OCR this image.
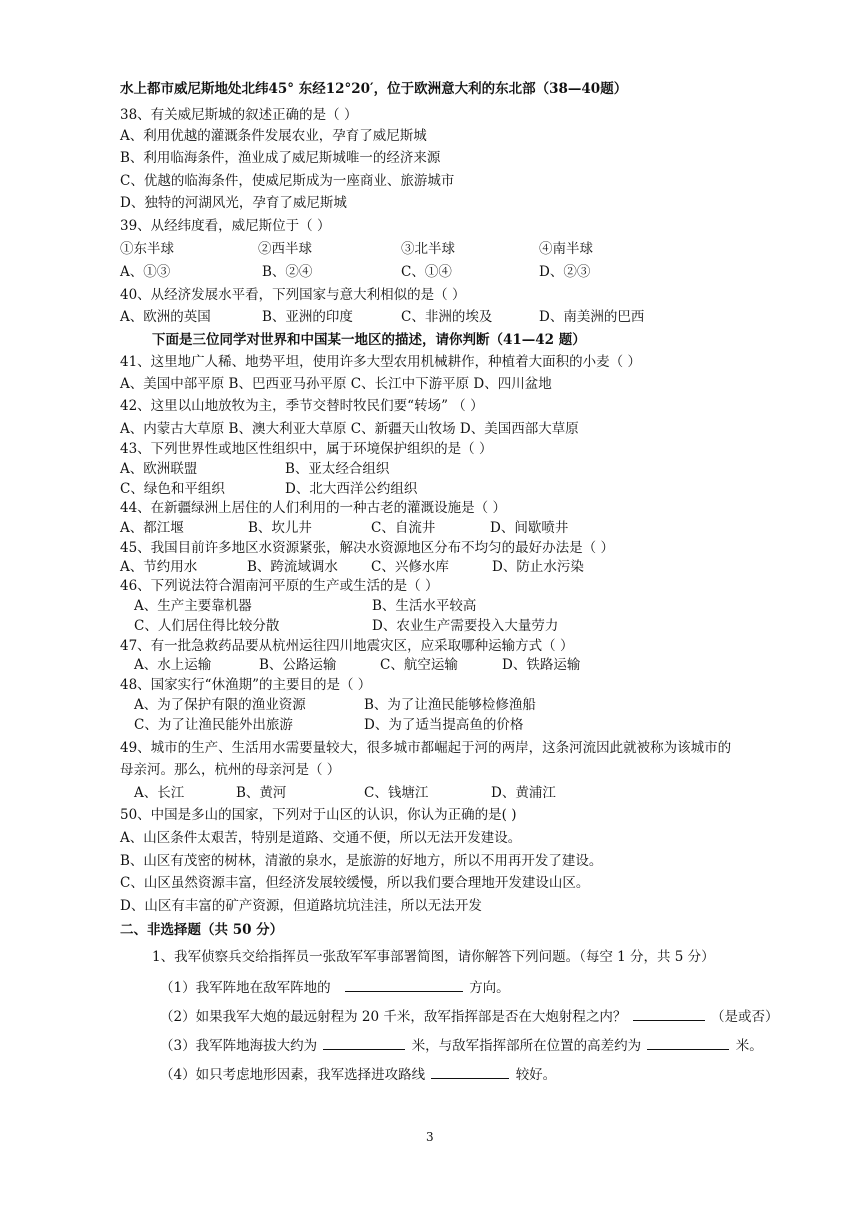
水上都市威尼斯地处北纬45° 东经12°20′，位于欧洲意大利的东北部（38—40题）
38、有关威尼斯城的叙述正确的是（ ）
A、利用优越的灌溉条件发展农业，孕育了威尼斯城
B、利用临海条件，渔业成了威尼斯城唯一的经济来源
C、优越的临海条件，使威尼斯成为一座商业、旅游城市
D、独特的河湖风光，孕育了威尼斯城
39、从经纬度看，威尼斯位于（ ）
①东半球	②西半球	③北半球	④南半球
A、①③	B、②④	C、①④	D、②③
40、从经济发展水平看，下列国家与意大利相似的是（ ）
A、欧洲的英国	B、亚洲的印度	C、非洲的埃及	D、南美洲的巴西
下面是三位同学对世界和中国某一地区的描述，请你判断（41—42 题）
41、这里地广人稀、地势平坦，使用许多大型农用机械耕作，种植着大面积的小麦（ ）
A、美国中部平原 B、巴西亚马孙平原 C、长江中下游平原 D、四川盆地
42、这里以山地放牧为主，季节交替时牧民们要“转场” （ ）
A、内蒙古大草原 B、澳大利亚大草原 C、新疆天山牧场 D、美国西部大草原
43、下列世界性或地区性组织中，属于环境保护组织的是（ ）
A、欧洲联盟	B、亚太经合组织
C、绿色和平组织	D、北大西洋公约组织
44、在新疆绿洲上居住的人们利用的一种古老的灌溉设施是（ ）
A、都江堰	B、坎儿井	C、自流井	D、间歇喷井
45、我国目前许多地区水资源紧张，解决水资源地区分布不均匀的最好办法是（ ）
A、节约用水	B、跨流域调水 C、兴修水库	D、防止水污染
46、下列说法符合湄南河平原的生产或生活的是（ ）
A、生产主要靠机器	B、生活水平较高
C、人们居住得比较分散	D、农业生产需要投入大量劳力
47、有一批急救药品要从杭州运往四川地震灾区，应采取哪种运输方式（ ）
A、水上运输	B、公路运输	C、航空运输	D、铁路运输
48、国家实行“休渔期”的主要目的是（ ）
A、为了保护有限的渔业资源	B、为了让渔民能够检修渔船
C、为了让渔民能外出旅游	D、为了适当提高鱼的价格
49、城市的生产、生活用水需要量较大，很多城市都崛起于河的两岸，这条河流因此就被称为该城市的
母亲河。那么，杭州的母亲河是（ ）
A、长江	B、黄河	C、钱塘江	D、黄浦江
50、中国是多山的国家，下列对于山区的认识，你认为正确的是( )
A、山区条件太艰苦，特别是道路、交通不便，所以无法开发建设。
B、山区有茂密的树林，清澈的泉水，是旅游的好地方，所以不用再开发了建设。
C、山区虽然资源丰富，但经济发展较缓慢，所以我们要合理地开发建设山区。
D、山区有丰富的矿产资源，但道路坑坑洼洼，所以无法开发
二、非选择题（共 50 分）
1、我军侦察兵交给指挥员一张敌军军事部署简图，请你解答下列问题。（每空 1 分，共 5 分）
（1）我军阵地在敌军阵地的	方向。
（2）如果我军大炮的最远射程为 20 千米，敌军指挥部是否在大炮射程之内？	（是或否）
（3）我军阵地海拔大约为	米，与敌军指挥部所在位置的高差约为	米。
（4）如只考虑地形因素，我军选择进攻路线	较好。
3
